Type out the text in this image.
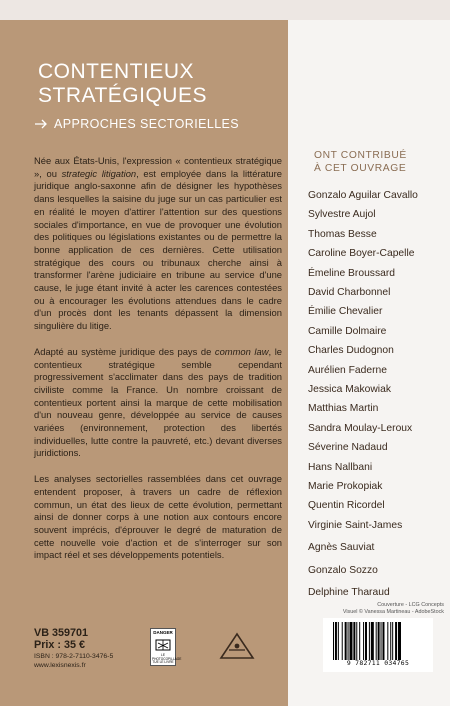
CONTENTIEUX
STRATÉGIQUES
APPROCHES SECTORIELLES

Née aux États-Unis, l'expression « contentieux stratégique », ou strategic litigation, est employée dans la littérature juridique anglo-saxonne afin de désigner les hypothèses dans lesquelles la saisine du juge sur un cas particulier est en réalité le moyen d'attirer l'attention sur des questions sociales d'importance, en vue de provoquer une évolution des politiques ou législations existantes ou de permettre la bonne application de ces dernières. Cette utilisation stratégique des cours ou tribunaux cherche ainsi à transformer l'arène judiciaire en tribune au service d'une cause, le juge étant invité à acter les carences contestées ou à encourager les évolutions attendues dans le cadre d'un procès dont les tenants dépassent la dimension singulière du litige.

Adapté au système juridique des pays de common law, le contentieux stratégique semble cependant progressivement s'acclimater dans des pays de tradition civiliste comme la France. Un nombre croissant de contentieux portent ainsi la marque de cette mobilisation d'un nouveau genre, développée au service de causes variées (environnement, protection des libertés individuelles, lutte contre la pauvreté, etc.) devant diverses juridictions.

Les analyses sectorielles rassemblées dans cet ouvrage entendent proposer, à travers un cadre de réflexion commun, un état des lieux de cette évolution, permettant ainsi de donner corps à une notion aux contours encore souvent imprécis, d'éprouver le degré de maturation de cette nouvelle voie d'action et de s'interroger sur son impact réel et ses développements potentiels.

ONT CONTRIBUÉ
À CET OUVRAGE
Gonzalo Aguilar Cavallo
Sylvestre Aujol
Thomas Besse
Caroline Boyer-Capelle
Émeline Broussard
David Charbonnel
Émilie Chevalier
Camille Dolmaire
Charles Dudognon
Aurélien Faderne
Jessica Makowiak
Matthias Martin
Sandra Moulay-Leroux
Séverine Nadaud
Hans Nallbani
Marie Prokopiak
Quentin Ricordel
Virginie Saint-James
Agnès Sauviat
Gonzalo Sozzo
Delphine Tharaud
VB 359701
Prix : 35 €
ISBN : 978-2-7110-3476-5
www.lexisnexis.fr
DANGER
LE PHOTOCOPILLAGE TUE LE LIVRE
Couverture - LCG Concepts
Visuel © Vanessa Martineau - AdobeStock
9 782711 034765
